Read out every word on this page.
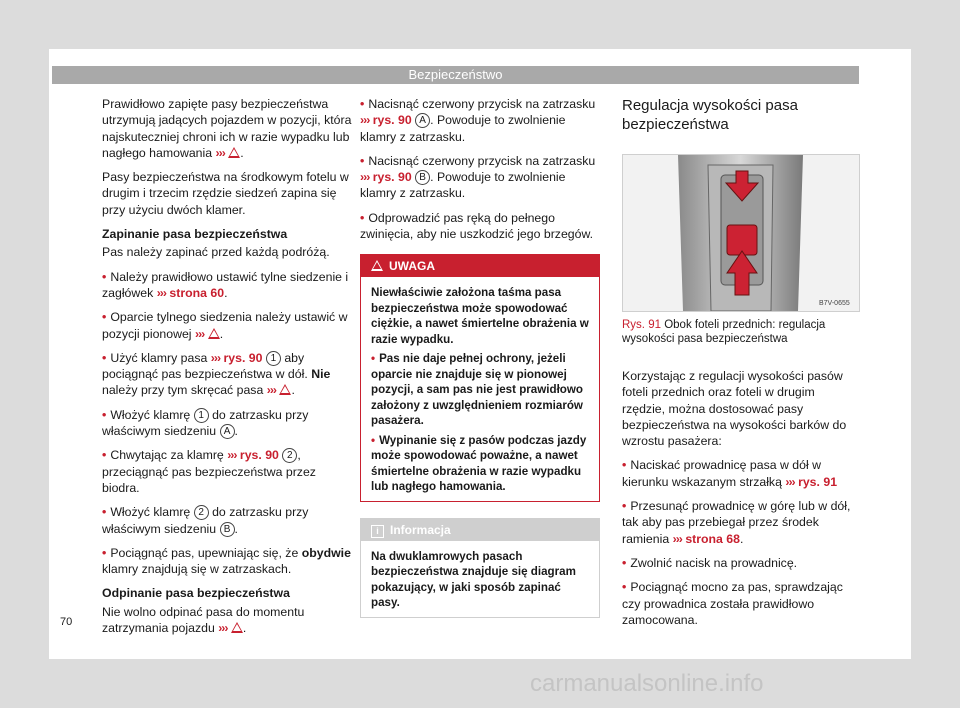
Bezpieczeństwo

Prawidłowo zapięte pasy bezpieczeństwa utrzymują jadących pojazdem w pozycji, która najskuteczniej chroni ich w razie wypadku lub nagłego hamowania ››› .

Pasy bezpieczeństwa na środkowym fotelu w drugim i trzecim rzędzie siedzeń zapina się przy użyciu dwóch klamer.

Zapinanie pasa bezpieczeństwa

Pas należy zapinać przed każdą podróżą.

• Należy prawidłowo ustawić tylne siedzenie i zagłówek ››› strona 60.

• Oparcie tylnego siedzenia należy ustawić w pozycji pionowej ››› .

• Użyć klamry pasa ››› rys. 90 1 aby pociągnąć pas bezpieczeństwa w dół. Nie należy przy tym skręcać pasa ››› .

• Włożyć klamrę 1 do zatrzasku przy właściwym siedzeniu A .

• Chwytając za klamrę ››› rys. 90 2 , przeciągnąć pas bezpieczeństwa przez biodra.

• Włożyć klamrę 2 do zatrzasku przy właściwym siedzeniu B .

• Pociągnąć pas, upewniając się, że obydwie klamry znajdują się w zatrzaskach.

Odpinanie pasa bezpieczeństwa

Nie wolno odpinać pasa do momentu zatrzymania pojazdu ››› .

• Nacisnąć czerwony przycisk na zatrzasku ››› rys. 90 A . Powoduje to zwolnienie klamry z zatrzasku.

• Nacisnąć czerwony przycisk na zatrzasku ››› rys. 90 B . Powoduje to zwolnienie klamry z zatrzasku.

• Odprowadzić pas ręką do pełnego zwinięcia, aby nie uszkodzić jego brzegów.

UWAGA
Niewłaściwie założona taśma pasa bezpieczeństwa może spowodować ciężkie, a nawet śmiertelne obrażenia w razie wypadku.
• Pas nie daje pełnej ochrony, jeżeli oparcie nie znajduje się w pionowej pozycji, a sam pas nie jest prawidłowo założony z uwzględnieniem rozmiarów pasażera.
• Wypinanie się z pasów podczas jazdy może spowodować poważne, a nawet śmiertelne obrażenia w razie wypadku lub nagłego hamowania.
i Informacja
Na dwuklamrowych pasach bezpieczeństwa znajduje się diagram pokazujący, w jaki sposób zapinać pasy.
Regulacja wysokości pasa bezpieczeństwa
B7V-0655
Rys. 91 Obok foteli przednich: regulacja wysokości pasa bezpieczeństwa

Korzystając z regulacji wysokości pasów foteli przednich oraz foteli w drugim rzędzie, można dostosować pasy bezpieczeństwa na wysokości barków do wzrostu pasażera:

• Naciskać prowadnicę pasa w dół w kierunku wskazanym strzałką ››› rys. 91

• Przesunąć prowadnicę w górę lub w dół, tak aby pas przebiegał przez środek ramienia ››› strona 68.

• Zwolnić nacisk na prowadnicę.

• Pociągnąć mocno za pas, sprawdzając czy prowadnica została prawidłowo zamocowana.

70
carmanualsonline.info
